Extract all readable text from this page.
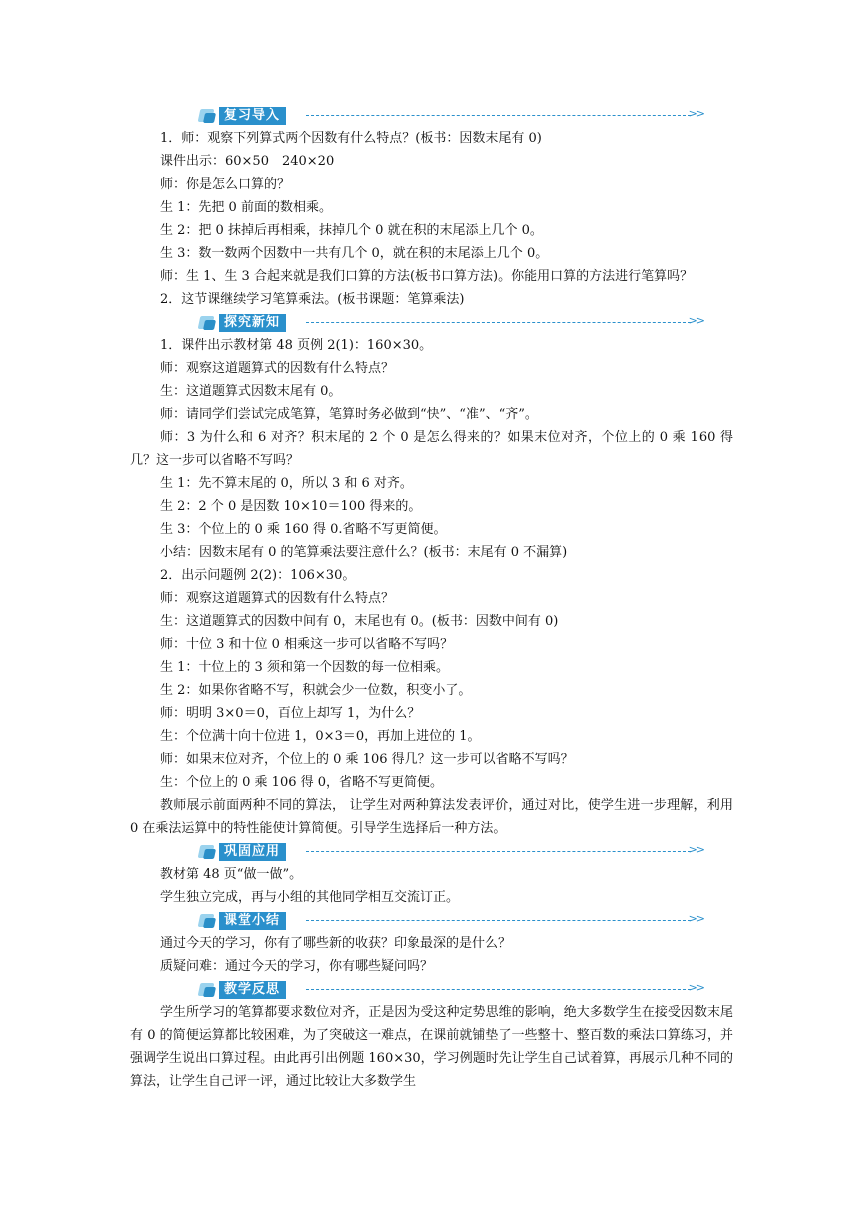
复习导入	>>
1．师：观察下列算式两个因数有什么特点？(板书：因数末尾有 0)
课件出示：60×50　240×20
师：你是怎么口算的？
生 1：先把 0 前面的数相乘。
生 2：把 0 抹掉后再相乘，抹掉几个 0 就在积的末尾添上几个 0。
生 3：数一数两个因数中一共有几个 0，就在积的末尾添上几个 0。
师：生 1、生 3 合起来就是我们口算的方法(板书口算方法)。你能用口算的方法进行笔算吗？
2．这节课继续学习笔算乘法。(板书课题：笔算乘法)
探究新知	>>
1．课件出示教材第 48 页例 2(1)：160×30。
师：观察这道题算式的因数有什么特点？
生：这道题算式因数末尾有 0。
师：请同学们尝试完成笔算，笔算时务必做到“快”、“准”、“齐”。
师：3 为什么和 6 对齐？积末尾的 2 个 0 是怎么得来的？如果末位对齐，个位上的 0 乘 160 得几？这一步可以省略不写吗？
生 1：先不算末尾的 0，所以 3 和 6 对齐。
生 2：2 个 0 是因数 10×10＝100 得来的。
生 3：个位上的 0 乘 160 得 0.省略不写更简便。
小结：因数末尾有 0 的笔算乘法要注意什么？(板书：末尾有 0 不漏算)
2．出示问题例 2(2)：106×30。
师：观察这道题算式的因数有什么特点？
生：这道题算式的因数中间有 0，末尾也有 0。(板书：因数中间有 0)
师：十位 3 和十位 0 相乘这一步可以省略不写吗？
生 1：十位上的 3 须和第一个因数的每一位相乘。
生 2：如果你省略不写，积就会少一位数，积变小了。
师：明明 3×0＝0，百位上却写 1，为什么？
生：个位满十向十位进 1，0×3＝0，再加上进位的 1。
师：如果末位对齐，个位上的 0 乘 106 得几？这一步可以省略不写吗？
生：个位上的 0 乘 106 得 0，省略不写更简便。
教师展示前面两种不同的算法， 让学生对两种算法发表评价，通过对比，使学生进一步理解，利用 0 在乘法运算中的特性能使计算简便。引导学生选择后一种方法。
巩固应用	>>
教材第 48 页“做一做”。
学生独立完成，再与小组的其他同学相互交流订正。
课堂小结	>>
通过今天的学习，你有了哪些新的收获？印象最深的是什么？
质疑问难：通过今天的学习，你有哪些疑问吗？
教学反思	>>
学生所学习的笔算都要求数位对齐，正是因为受这种定势思维的影响，绝大多数学生在接受因数末尾有 0 的简便运算都比较困难，为了突破这一难点，在课前就铺垫了一些整十、整百数的乘法口算练习，并强调学生说出口算过程。由此再引出例题 160×30，学习例题时先让学生自己试着算，再展示几种不同的算法，让学生自己评一评，通过比较让大多数学生
